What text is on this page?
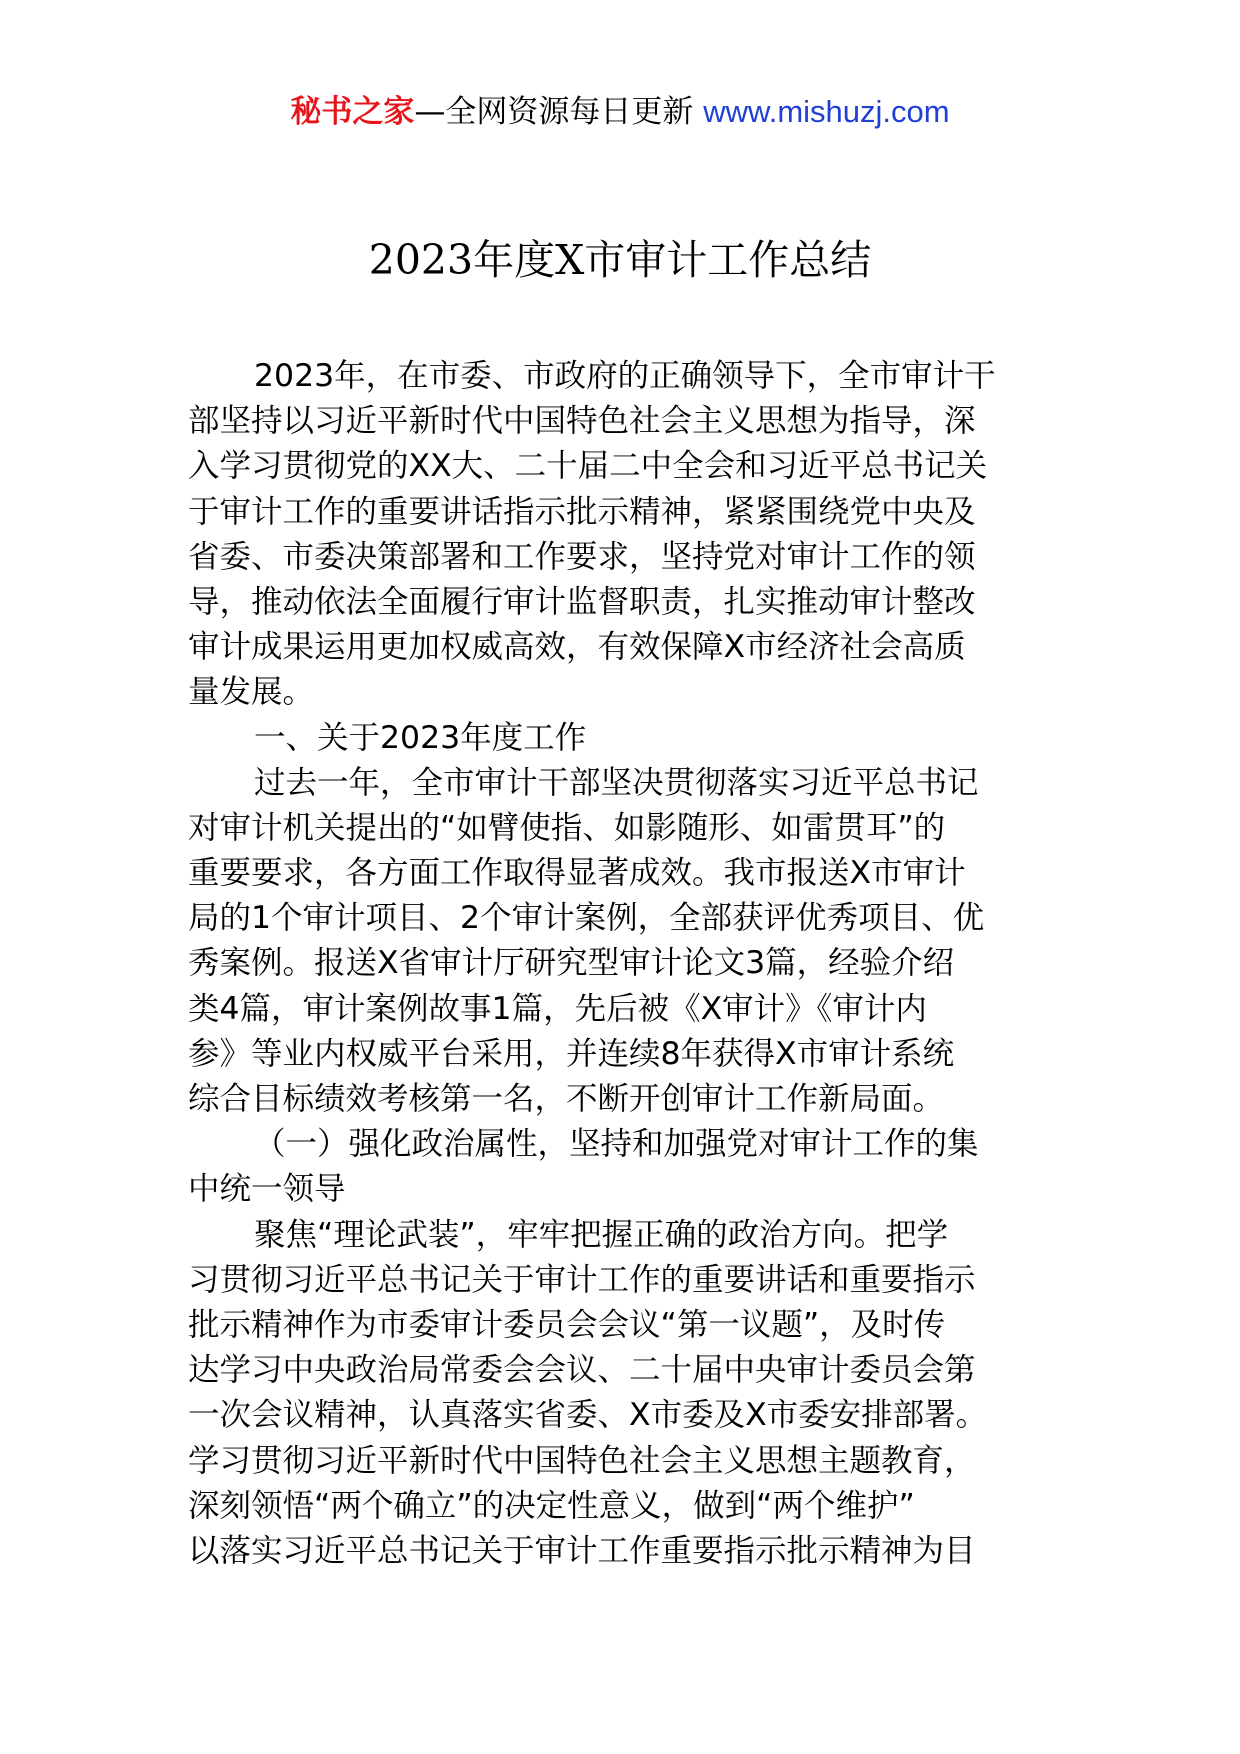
秘书之家—全网资源每日更新 www.mishuzj.com
2023年度X市审计工作总结
2023年，在市委、市政府的正确领导下，全市审计干
部坚持以习近平新时代中国特色社会主义思想为指导，深
入学习贯彻党的XX大、二十届二中全会和习近平总书记关
于审计工作的重要讲话指示批示精神，紧紧围绕党中央及
省委、市委决策部署和工作要求，坚持党对审计工作的领
导，推动依法全面履行审计监督职责，扎实推动审计整改
审计成果运用更加权威高效，有效保障X市经济社会高质
量发展。
一、关于2023年度工作
过去一年，全市审计干部坚决贯彻落实习近平总书记
对审计机关提出的“如臂使指、如影随形、如雷贯耳”的
重要要求，各方面工作取得显著成效。我市报送X市审计
局的1个审计项目、2个审计案例，全部获评优秀项目、优
秀案例。报送X省审计厅研究型审计论文3篇，经验介绍
类4篇，审计案例故事1篇，先后被《X审计》《审计内
参》等业内权威平台采用，并连续8年获得X市审计系统
综合目标绩效考核第一名，不断开创审计工作新局面。
（一）强化政治属性，坚持和加强党对审计工作的集
中统一领导
聚焦“理论武装”，牢牢把握正确的政治方向。把学
习贯彻习近平总书记关于审计工作的重要讲话和重要指示
批示精神作为市委审计委员会会议“第一议题”，及时传
达学习中央政治局常委会会议、二十届中央审计委员会第
一次会议精神，认真落实省委、X市委及X市委安排部署。
学习贯彻习近平新时代中国特色社会主义思想主题教育，
深刻领悟“两个确立”的决定性意义，做到“两个维护”
以落实习近平总书记关于审计工作重要指示批示精神为目
